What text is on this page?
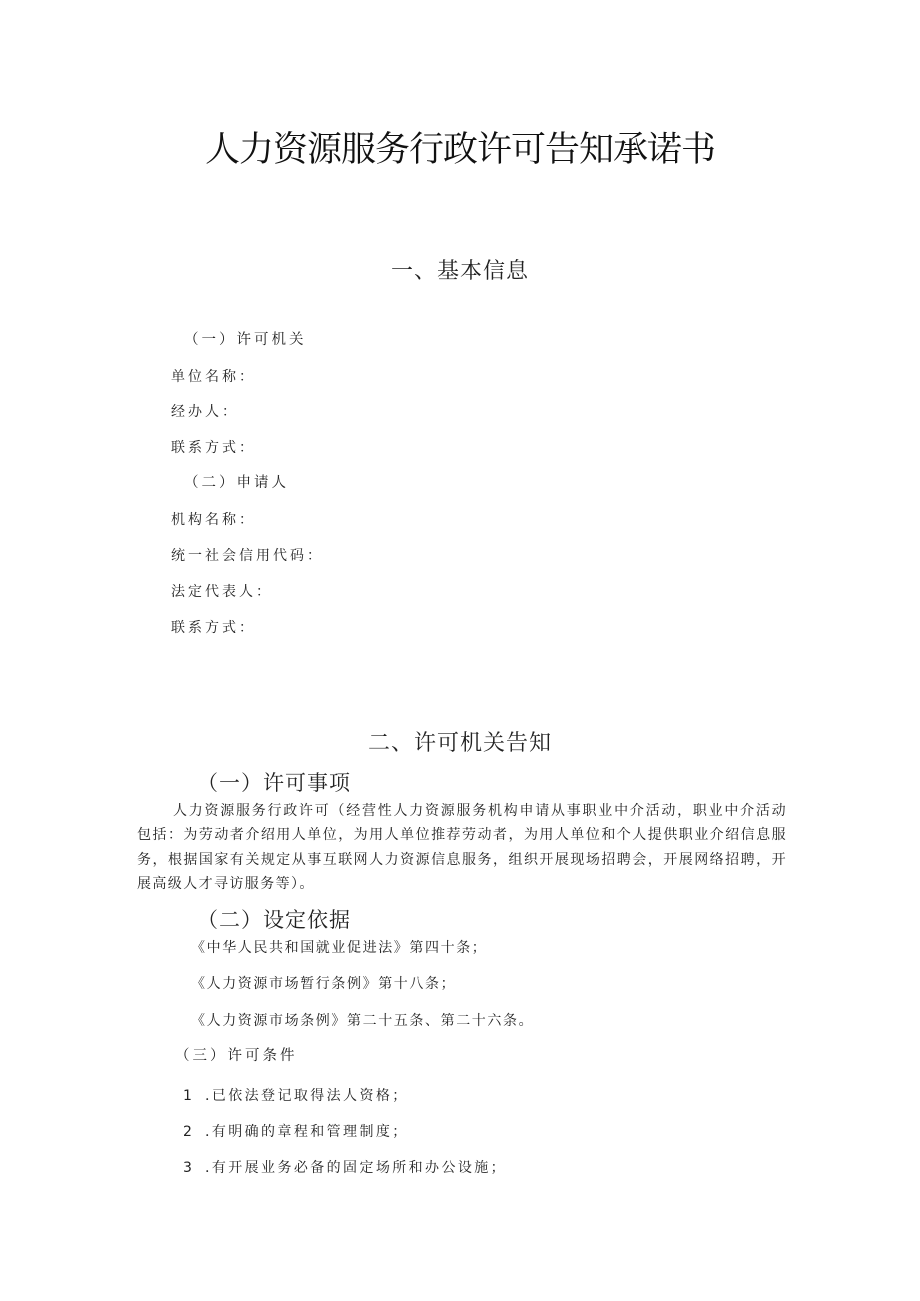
人力资源服务行政许可告知承诺书
一、基本信息
（一）许可机关
单位名称：
经办人：
联系方式：
（二）申请人
机构名称：
统一社会信用代码：
法定代表人：
联系方式：
二、许可机关告知
（一）许可事项
人力资源服务行政许可（经营性人力资源服务机构申请从事职业中介活动，职业中介活动包括：为劳动者介绍用人单位，为用人单位推荐劳动者，为用人单位和个人提供职业介绍信息服务，根据国家有关规定从事互联网人力资源信息服务，组织开展现场招聘会，开展网络招聘，开展高级人才寻访服务等）。
（二）设定依据
《中华人民共和国就业促进法》第四十条；
《人力资源市场暂行条例》第十八条；
《人力资源市场条例》第二十五条、第二十六条。
（三）许可条件
1 .已依法登记取得法人资格；
2 .有明确的章程和管理制度；
3 .有开展业务必备的固定场所和办公设施；
